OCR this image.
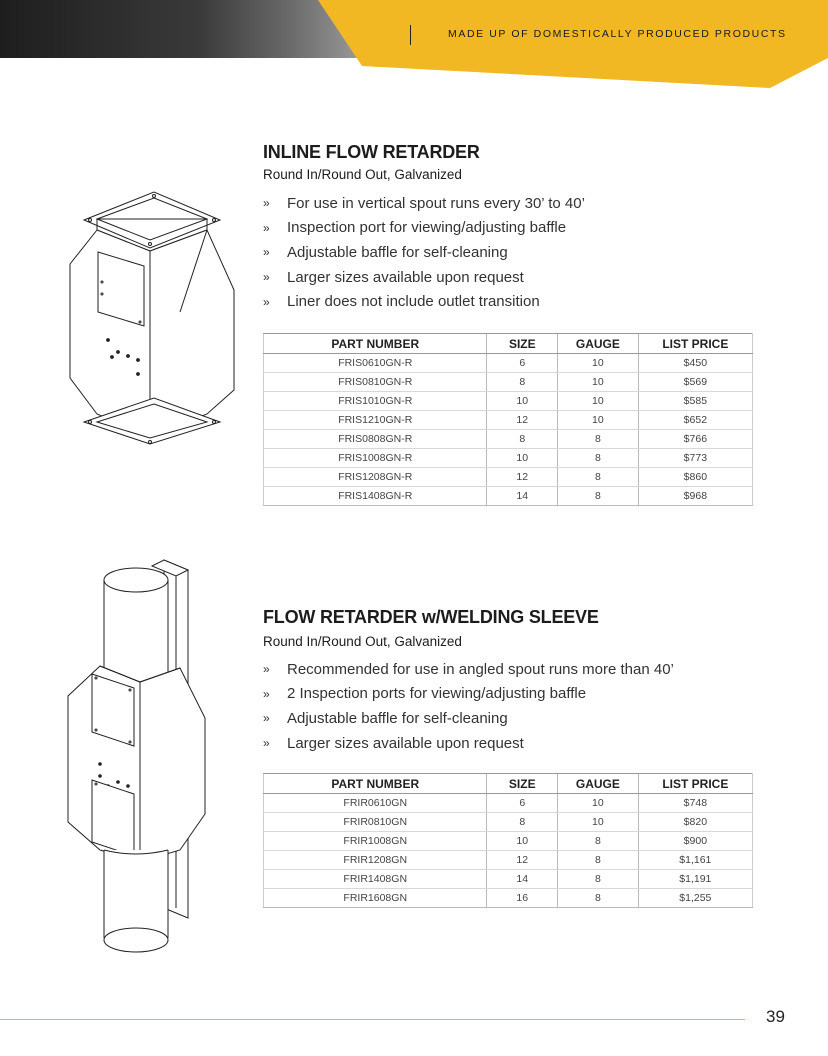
MADE UP OF DOMESTICALLY PRODUCED PRODUCTS
INLINE FLOW RETARDER
Round In/Round Out, Galvanized
»	For use in vertical spout runs every 30’ to 40’
»	Inspection port for viewing/adjusting baffle
»	Adjustable baffle for self-cleaning
»	Larger sizes available upon request
»	Liner does not include outlet transition
PART NUMBER	SIZE	GAUGE	LIST PRICE
FRIS0610GN-R	6	10	$450
FRIS0810GN-R	8	10	$569
FRIS1010GN-R	10	10	$585
FRIS1210GN-R	12	10	$652
FRIS0808GN-R	8	8	$766
FRIS1008GN-R	10	8	$773
FRIS1208GN-R	12	8	$860
FRIS1408GN-R	14	8	$968
FLOW RETARDER w/WELDING SLEEVE
Round In/Round Out, Galvanized
»	Recommended for use in angled spout runs more than 40’
»	2 Inspection ports for viewing/adjusting baffle
»	Adjustable baffle for self-cleaning
»	Larger sizes available upon request
PART NUMBER	SIZE	GAUGE	LIST PRICE
FRIR0610GN	6	10	$748
FRIR0810GN	8	10	$820
FRIR1008GN	10	8	$900
FRIR1208GN	12	8	$1,161
FRIR1408GN	14	8	$1,191
FRIR1608GN	16	8	$1,255
39
